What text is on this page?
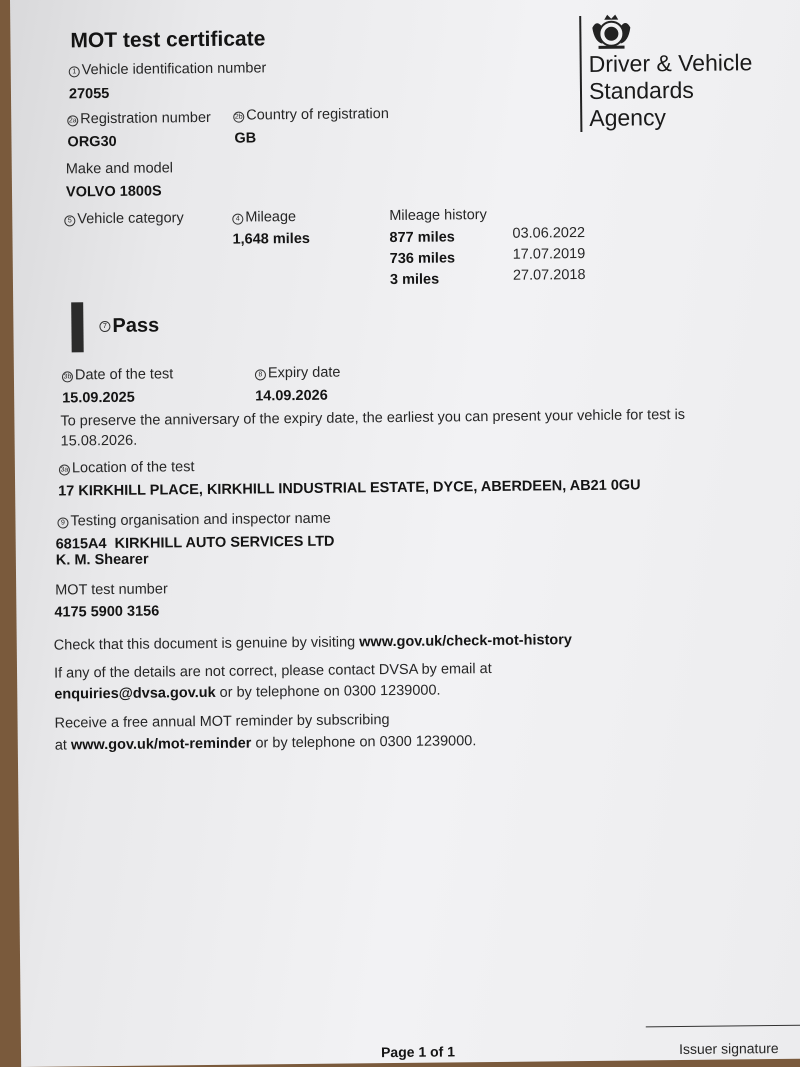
MOT test certificate
Driver & Vehicle
Standards
Agency
1 Vehicle identification number
27055
2a Registration number
ORG30
2b Country of registration
GB
Make and model
VOLVO 1800S
5 Vehicle category	4 Mileage
1,648 miles
Mileage history
877 miles	03.06.2022
736 miles	17.07.2019
3 miles	27.07.2018
7 Pass
3b Date of the test
15.09.2025
8 Expiry date
14.09.2026
To preserve the anniversary of the expiry date, the earliest you can present your vehicle for test is
15.08.2026.
3a Location of the test
17 KIRKHILL PLACE, KIRKHILL INDUSTRIAL ESTATE, DYCE, ABERDEEN, AB21 0GU
9 Testing organisation and inspector name
6815A4  KIRKHILL AUTO SERVICES LTD
K. M. Shearer
MOT test number
4175 5900 3156
Check that this document is genuine by visiting www.gov.uk/check-mot-history
If any of the details are not correct, please contact DVSA by email at
enquiries@dvsa.gov.uk or by telephone on 0300 1239000.
Receive a free annual MOT reminder by subscribing
at www.gov.uk/mot-reminder or by telephone on 0300 1239000.
Page 1 of 1	Issuer signature
